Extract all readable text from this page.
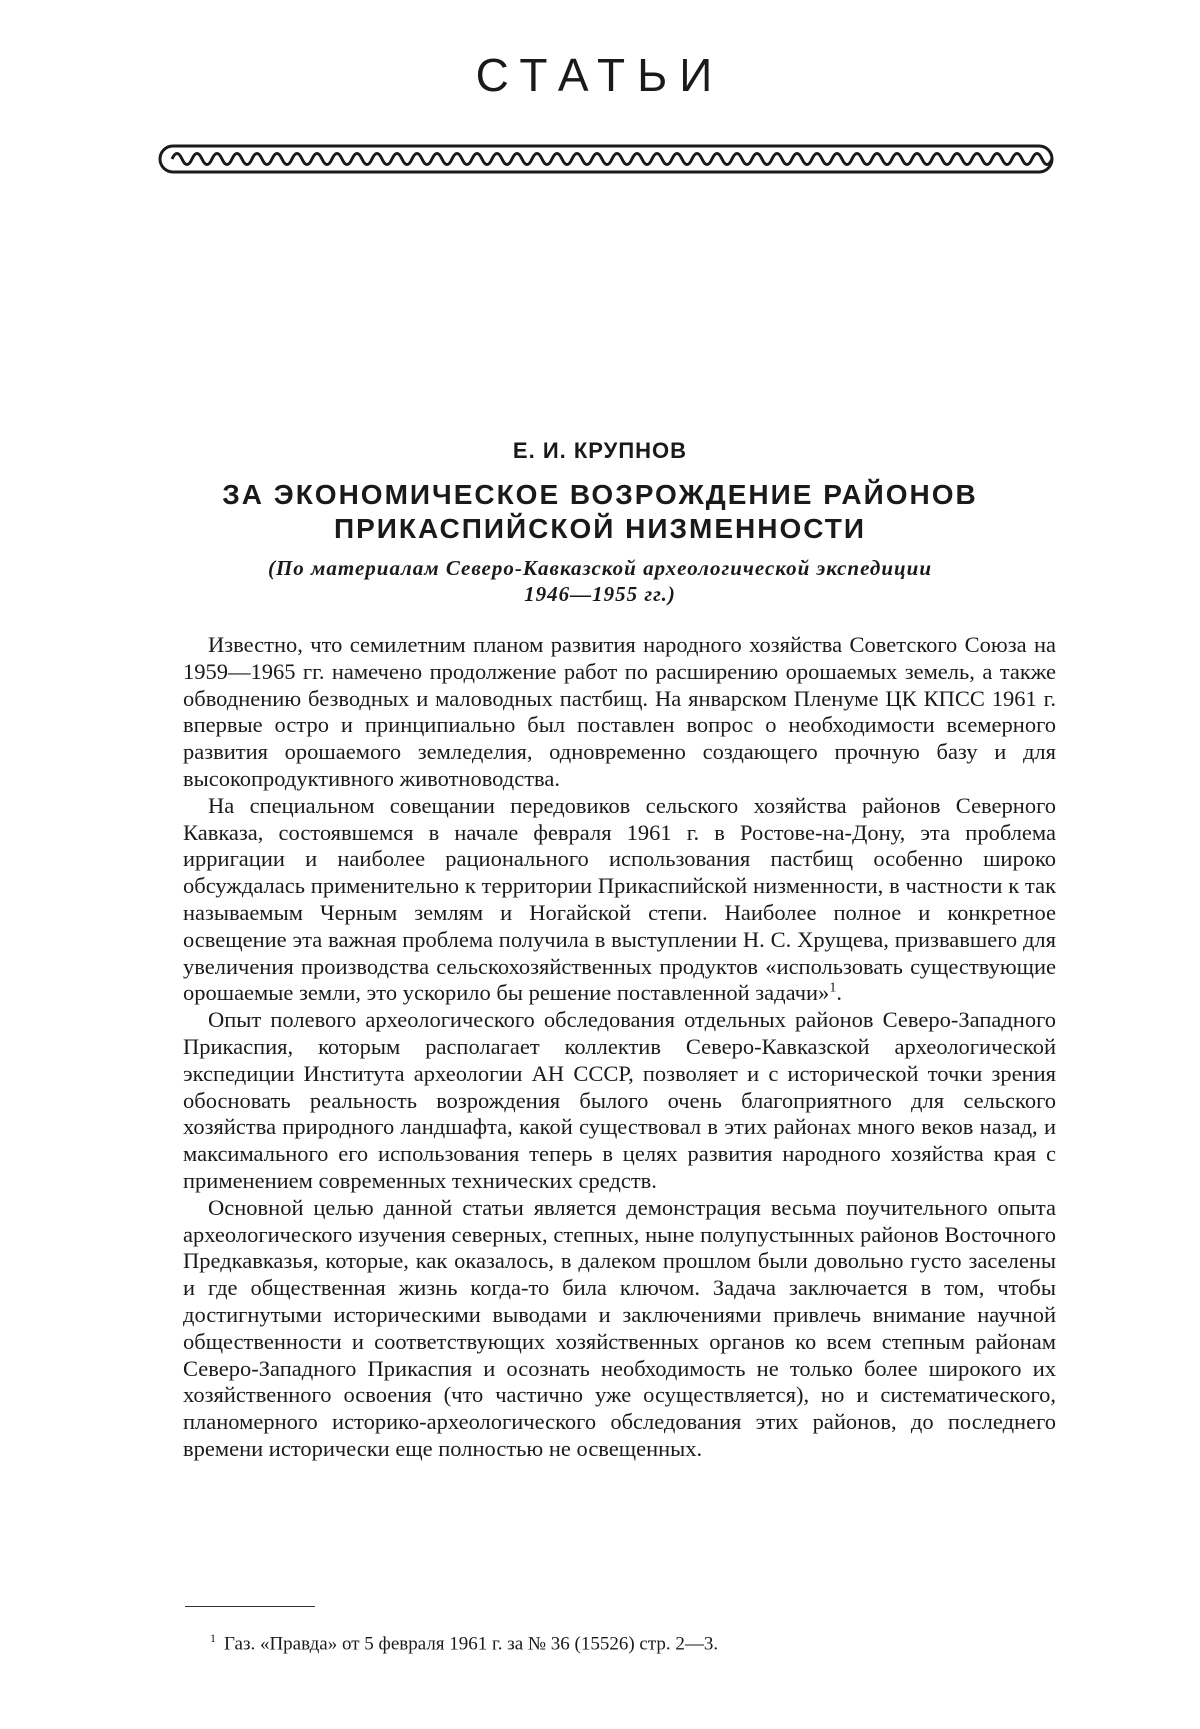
СТАТЬИ
Е. И. КРУПНОВ
ЗА ЭКОНОМИЧЕСКОЕ ВОЗРОЖДЕНИЕ РАЙОНОВ
ПРИКАСПИЙСКОЙ НИЗМЕННОСТИ

(По материалам Северо-Кавказской археологической экспедиции
1946—1955 гг.)

Известно, что семилетним планом развития народного хозяйства Советского Союза на 1959—1965 гг. намечено продолжение работ по расширению орошаемых земель, а также обводнению безводных и маловодных пастбищ. На январском Пленуме ЦК КПСС 1961 г. впервые остро и принципиально был поставлен вопрос о необходимости всемерного развития орошаемого земледелия, одновременно создающего прочную базу и для высокопродуктивного животноводства.

На специальном совещании передовиков сельского хозяйства районов Северного Кавказа, состоявшемся в начале февраля 1961 г. в Ростове-на-Дону, эта проблема ирригации и наиболее рационального использования пастбищ особенно широко обсуждалась применительно к территории Прикаспийской низменности, в частности к так называемым Черным землям и Ногайской степи. Наиболее полное и конкретное освещение эта важная проблема получила в выступлении Н. С. Хрущева, призвавшего для увеличения производства сельскохозяйственных продуктов «использовать существующие орошаемые земли, это ускорило бы решение поставленной задачи»$^1$.

Опыт полевого археологического обследования отдельных районов Северо-Западного Прикаспия, которым располагает коллектив Северо-Кавказской археологической экспедиции Института археологии АН СССР, позволяет и с исторической точки зрения обосновать реальность возрождения былого очень благоприятного для сельского хозяйства природного ландшафта, какой существовал в этих районах много веков назад, и максимального его использования теперь в целях развития народного хозяйства края с применением современных технических средств.

Основной целью данной статьи является демонстрация весьма поучительного опыта археологического изучения северных, степных, ныне полупустынных районов Восточного Предкавказья, которые, как оказалось, в далеком прошлом были довольно густо заселены и где общественная жизнь когда-то била ключом. Задача заключается в том, чтобы достигнутыми историческими выводами и заключениями привлечь внимание научной общественности и соответствующих хозяйственных органов ко всем степным районам Северо-Западного Прикаспия и осознать необходимость не только более широкого их хозяйственного освоения (что частично уже осуществляется), но и систематического, планомерного историко-археологического обследования этих районов, до последнего времени исторически еще полностью не освещенных.

$^1$ Газ. «Правда» от 5 февраля 1961 г. за № 36 (15526) стр. 2—3.
